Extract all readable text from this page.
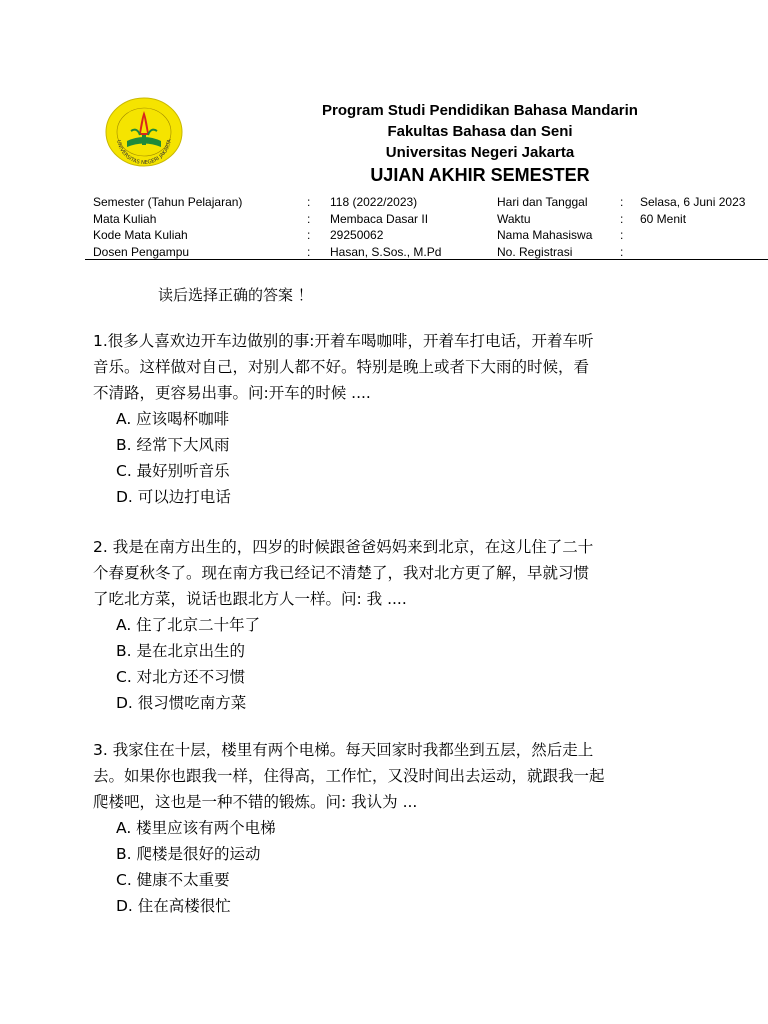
UNIVERSITAS NEGERI JAKARTA
Program Studi Pendidikan Bahasa Mandarin
Fakultas Bahasa dan Seni
Universitas Negeri Jakarta
UJIAN AKHIR SEMESTER
Semester (Tahun Pelajaran)
Mata Kuliah
Kode Mata Kuliah
Dosen Pengampu
:
:
:
:
118 (2022/2023)
Membaca Dasar II
29250062
Hasan, S.Sos., M.Pd
Hari dan Tanggal
Waktu
Nama Mahasiswa
No. Registrasi
:
:
:
:
Selasa, 6 Juni 2023
60 Menit
读后选择正确的答案 ！

1.很多人喜欢边开车边做别的事:开着车喝咖啡，开着车打电话，开着车听

音乐。这样做对自己，对别人都不好。特别是晚上或者下大雨的时候，看

不清路，更容易出事。问:开车的时候 ....

A. 应该喝杯咖啡
B. 经常下大风雨
C. 最好别听音乐
D. 可以边打电话

2. 我是在南方出生的，四岁的时候跟爸爸妈妈来到北京，在这儿住了二十

个春夏秋冬了。现在南方我已经记不清楚了，我对北方更了解，早就习惯

了吃北方菜，说话也跟北方人一样。问: 我 ....

A. 住了北京二十年了
B. 是在北京出生的
C. 对北方还不习惯
D. 很习惯吃南方菜

3. 我家住在十层，楼里有两个电梯。每天回家时我都坐到五层，然后走上

去。如果你也跟我一样，住得高，工作忙，又没时间出去运动，就跟我一起

爬楼吧，这也是一种不错的锻炼。问: 我认为 ...

A. 楼里应该有两个电梯
B. 爬楼是很好的运动
C. 健康不太重要
D. 住在高楼很忙
